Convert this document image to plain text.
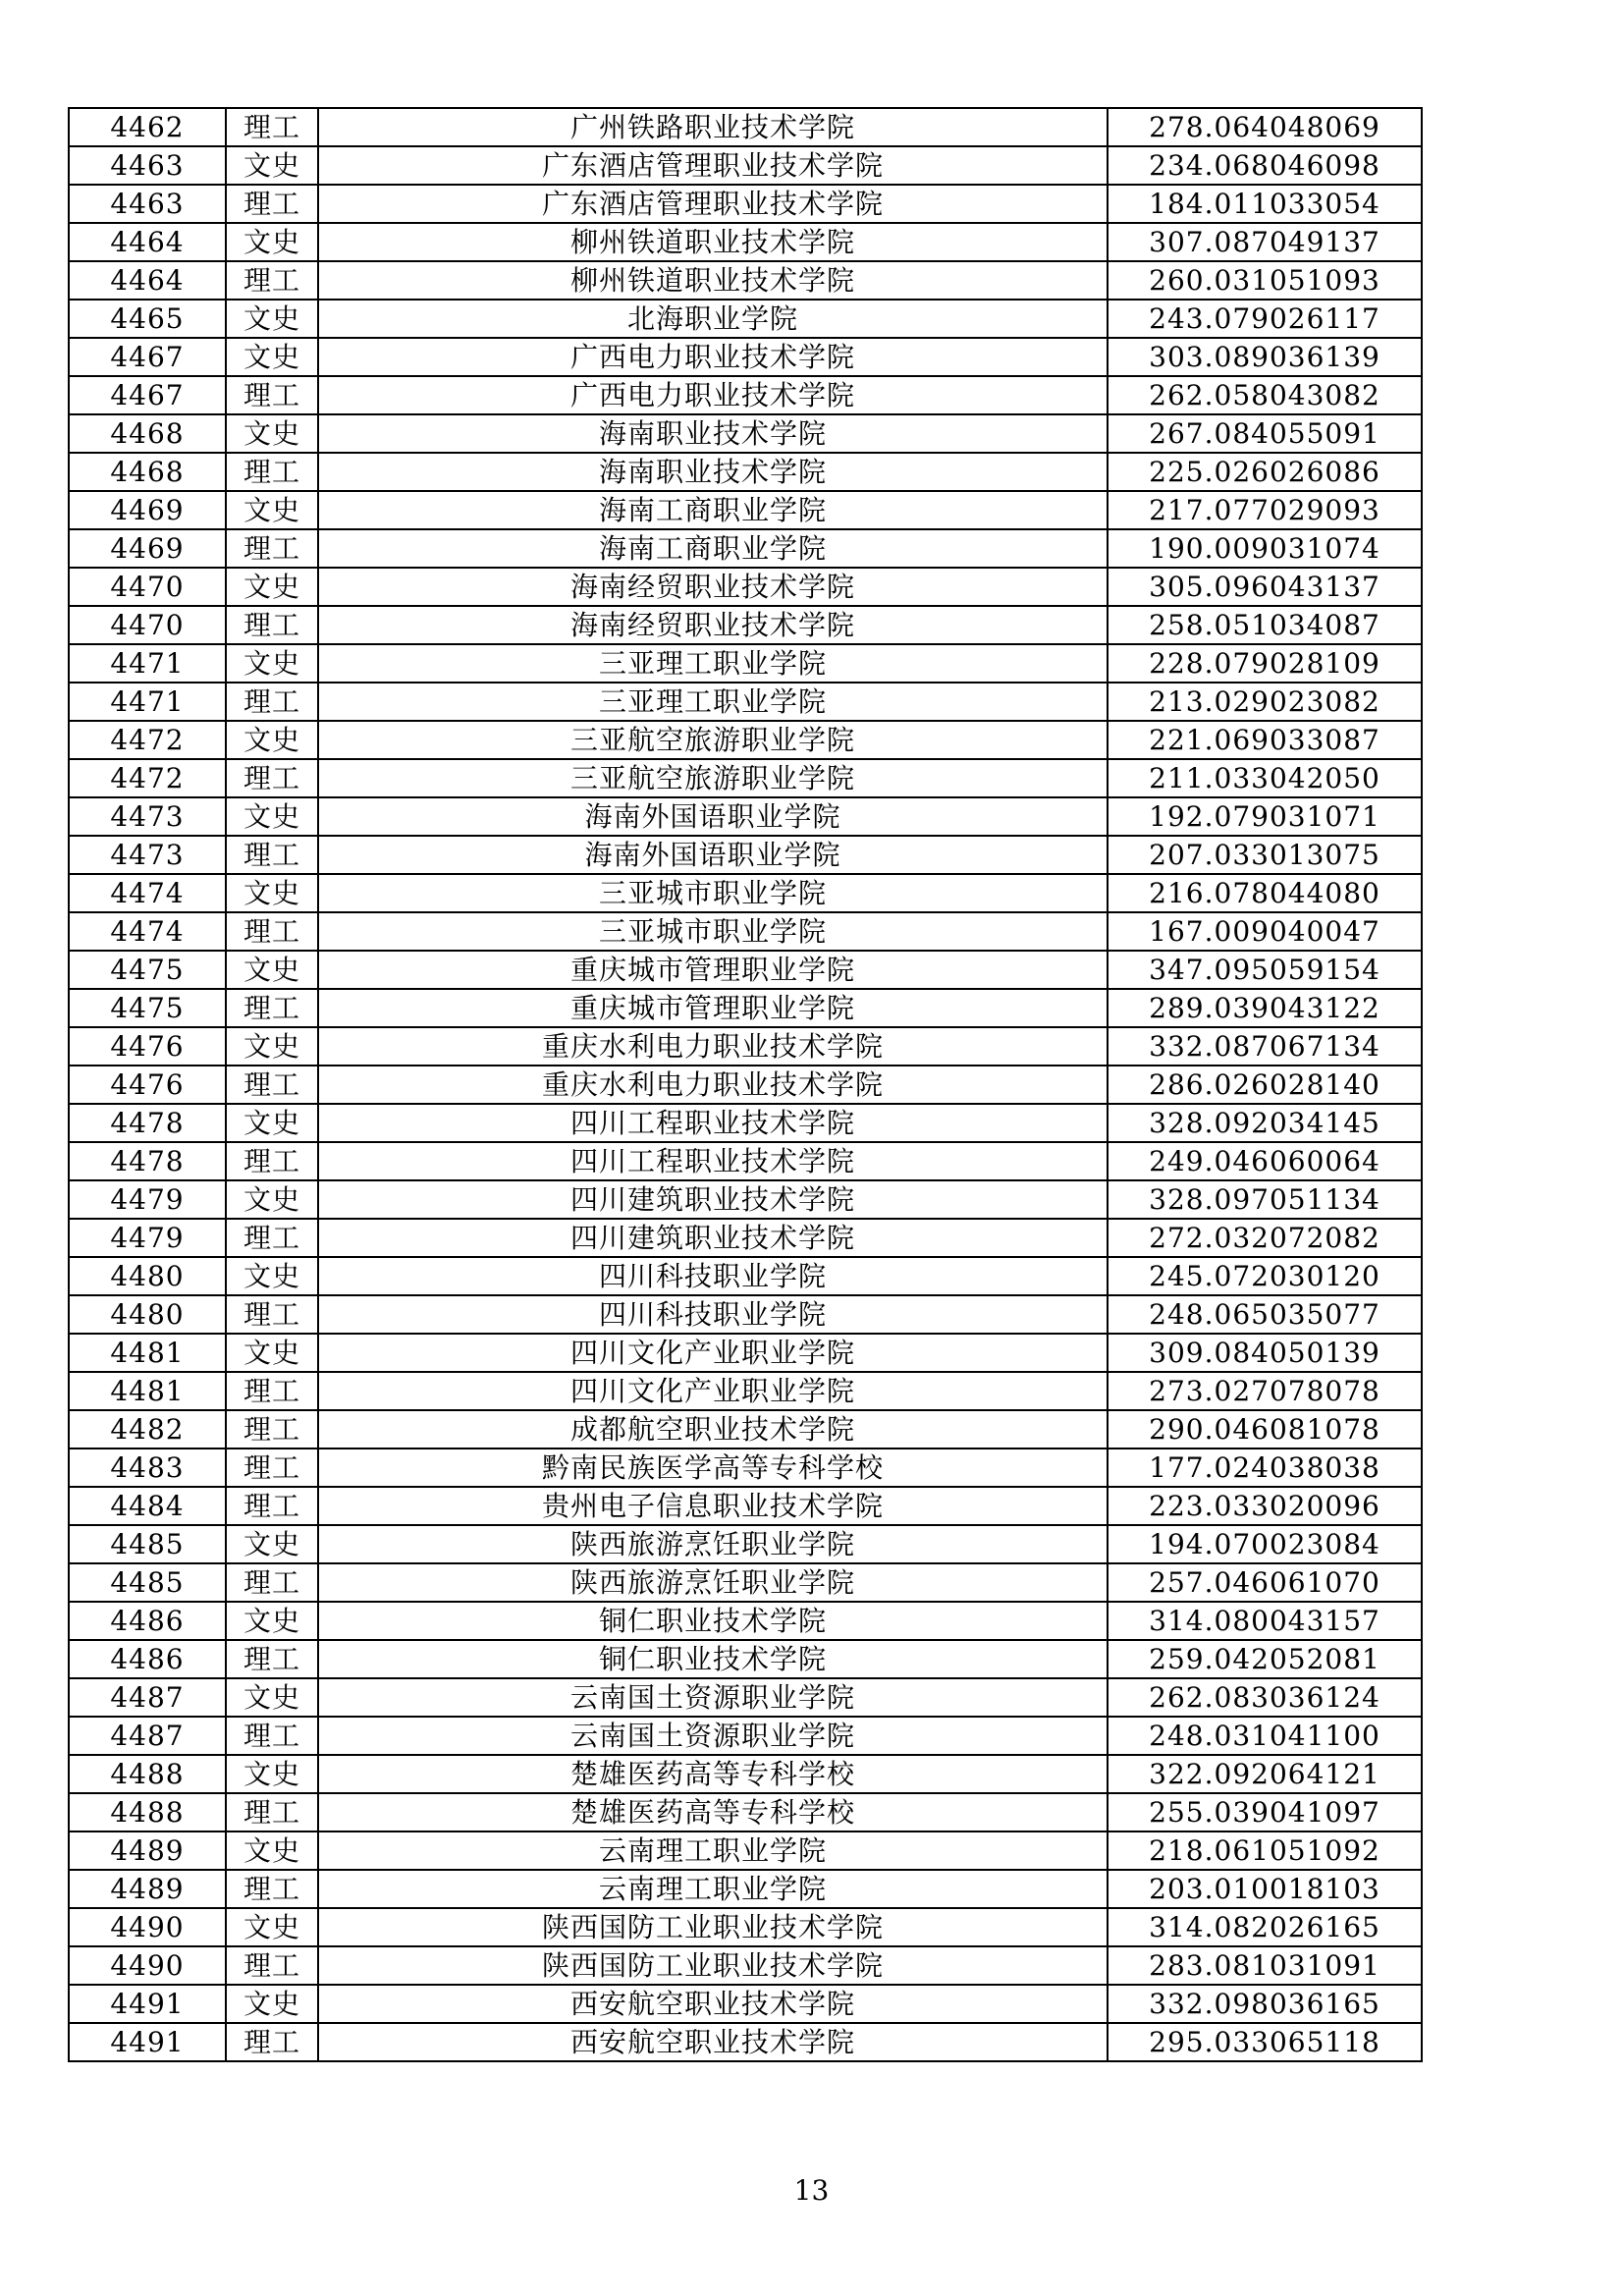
4462	理工	广州铁路职业技术学院	278.064048069
4463	文史	广东酒店管理职业技术学院	234.068046098
4463	理工	广东酒店管理职业技术学院	184.011033054
4464	文史	柳州铁道职业技术学院	307.087049137
4464	理工	柳州铁道职业技术学院	260.031051093
4465	文史	北海职业学院	243.079026117
4467	文史	广西电力职业技术学院	303.089036139
4467	理工	广西电力职业技术学院	262.058043082
4468	文史	海南职业技术学院	267.084055091
4468	理工	海南职业技术学院	225.026026086
4469	文史	海南工商职业学院	217.077029093
4469	理工	海南工商职业学院	190.009031074
4470	文史	海南经贸职业技术学院	305.096043137
4470	理工	海南经贸职业技术学院	258.051034087
4471	文史	三亚理工职业学院	228.079028109
4471	理工	三亚理工职业学院	213.029023082
4472	文史	三亚航空旅游职业学院	221.069033087
4472	理工	三亚航空旅游职业学院	211.033042050
4473	文史	海南外国语职业学院	192.079031071
4473	理工	海南外国语职业学院	207.033013075
4474	文史	三亚城市职业学院	216.078044080
4474	理工	三亚城市职业学院	167.009040047
4475	文史	重庆城市管理职业学院	347.095059154
4475	理工	重庆城市管理职业学院	289.039043122
4476	文史	重庆水利电力职业技术学院	332.087067134
4476	理工	重庆水利电力职业技术学院	286.026028140
4478	文史	四川工程职业技术学院	328.092034145
4478	理工	四川工程职业技术学院	249.046060064
4479	文史	四川建筑职业技术学院	328.097051134
4479	理工	四川建筑职业技术学院	272.032072082
4480	文史	四川科技职业学院	245.072030120
4480	理工	四川科技职业学院	248.065035077
4481	文史	四川文化产业职业学院	309.084050139
4481	理工	四川文化产业职业学院	273.027078078
4482	理工	成都航空职业技术学院	290.046081078
4483	理工	黔南民族医学高等专科学校	177.024038038
4484	理工	贵州电子信息职业技术学院	223.033020096
4485	文史	陕西旅游烹饪职业学院	194.070023084
4485	理工	陕西旅游烹饪职业学院	257.046061070
4486	文史	铜仁职业技术学院	314.080043157
4486	理工	铜仁职业技术学院	259.042052081
4487	文史	云南国土资源职业学院	262.083036124
4487	理工	云南国土资源职业学院	248.031041100
4488	文史	楚雄医药高等专科学校	322.092064121
4488	理工	楚雄医药高等专科学校	255.039041097
4489	文史	云南理工职业学院	218.061051092
4489	理工	云南理工职业学院	203.010018103
4490	文史	陕西国防工业职业技术学院	314.082026165
4490	理工	陕西国防工业职业技术学院	283.081031091
4491	文史	西安航空职业技术学院	332.098036165
4491	理工	西安航空职业技术学院	295.033065118
13
